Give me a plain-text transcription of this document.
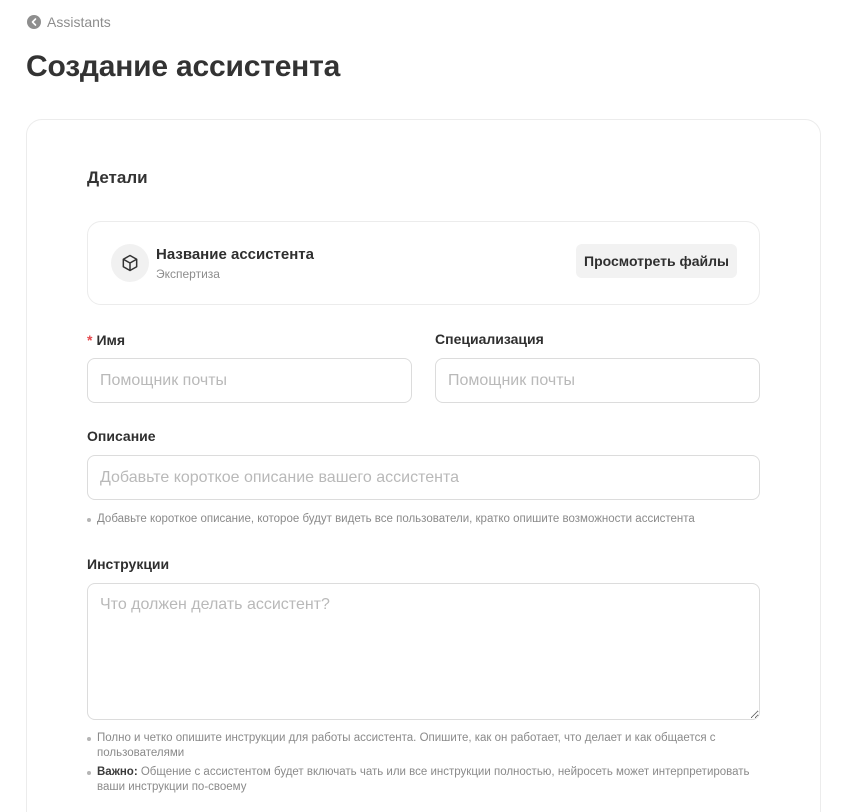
Assistants
Создание ассистента
Детали
Название ассистента
Экспертиза
Просмотреть файлы
* Имя
Помощник почты	Специализация
Помощник почты
Описание
Добавьте короткое описание вашего ассистента
Добавьте короткое описание, которое будут видеть все пользователи, кратко опишите возможности ассистента
Инструкции
Что должен делать ассистент?
Полно и четко опишите инструкции для работы ассистента. Опишите, как он работает, что делает и как общается с пользователями
Важно: Общение с ассистентом будет включать чать или все инструкции полностью, нейросеть может интерпретировать ваши инструкции по-своему
